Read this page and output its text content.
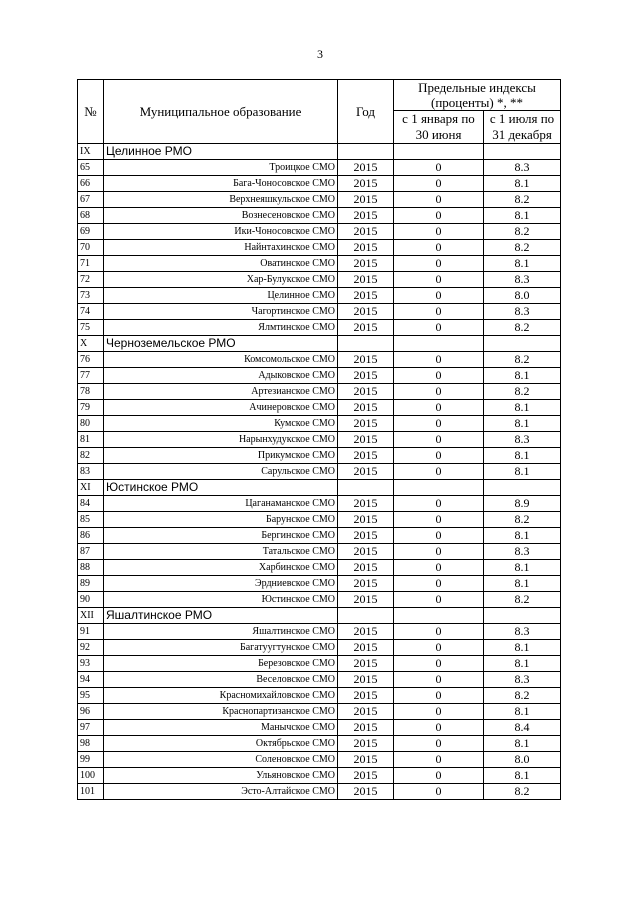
3
№	Муниципальное образование	Год	Предельные индексы (проценты) *, **	
			с 1 января по 30 июня	с 1 июля по 31 декабря
IX	Целинное РМО			
65	Троицкое СМО	2015	0	8.3
66	Бага-Чоносовское СМО	2015	0	8.1
67	Верхнеяшкульское СМО	2015	0	8.2
68	Вознесеновское СМО	2015	0	8.1
69	Ики-Чоносовское СМО	2015	0	8.2
70	Найнтахинское СМО	2015	0	8.2
71	Оватинское СМО	2015	0	8.1
72	Хар-Булукское СМО	2015	0	8.3
73	Целинное СМО	2015	0	8.0
74	Чагортинское СМО	2015	0	8.3
75	Ялмтинское СМО	2015	0	8.2
X	Черноземельское РМО			
76	Комсомольское СМО	2015	0	8.2
77	Адыковское СМО	2015	0	8.1
78	Артезианское СМО	2015	0	8.2
79	Ачинеровское СМО	2015	0	8.1
80	Кумское СМО	2015	0	8.1
81	Нарынхудукское СМО	2015	0	8.3
82	Прикумское СМО	2015	0	8.1
83	Сарульское СМО	2015	0	8.1
XI	Юстинское РМО			
84	Цаганаманское СМО	2015	0	8.9
85	Барунское СМО	2015	0	8.2
86	Бергинское СМО	2015	0	8.1
87	Татальское СМО	2015	0	8.3
88	Харбинское СМО	2015	0	8.1
89	Эрдниевское СМО	2015	0	8.1
90	Юстинское СМО	2015	0	8.2
XII	Яшалтинское РМО			
91	Яшалтинское СМО	2015	0	8.3
92	Багатуугтунское СМО	2015	0	8.1
93	Березовское СМО	2015	0	8.1
94	Веселовское СМО	2015	0	8.3
95	Красномихайловское СМО	2015	0	8.2
96	Краснопартизанское СМО	2015	0	8.1
97	Манычское СМО	2015	0	8.4
98	Октябрьское СМО	2015	0	8.1
99	Соленовское СМО	2015	0	8.0
100	Ульяновское СМО	2015	0	8.1
101	Эсто-Алтайское СМО	2015	0	8.2
